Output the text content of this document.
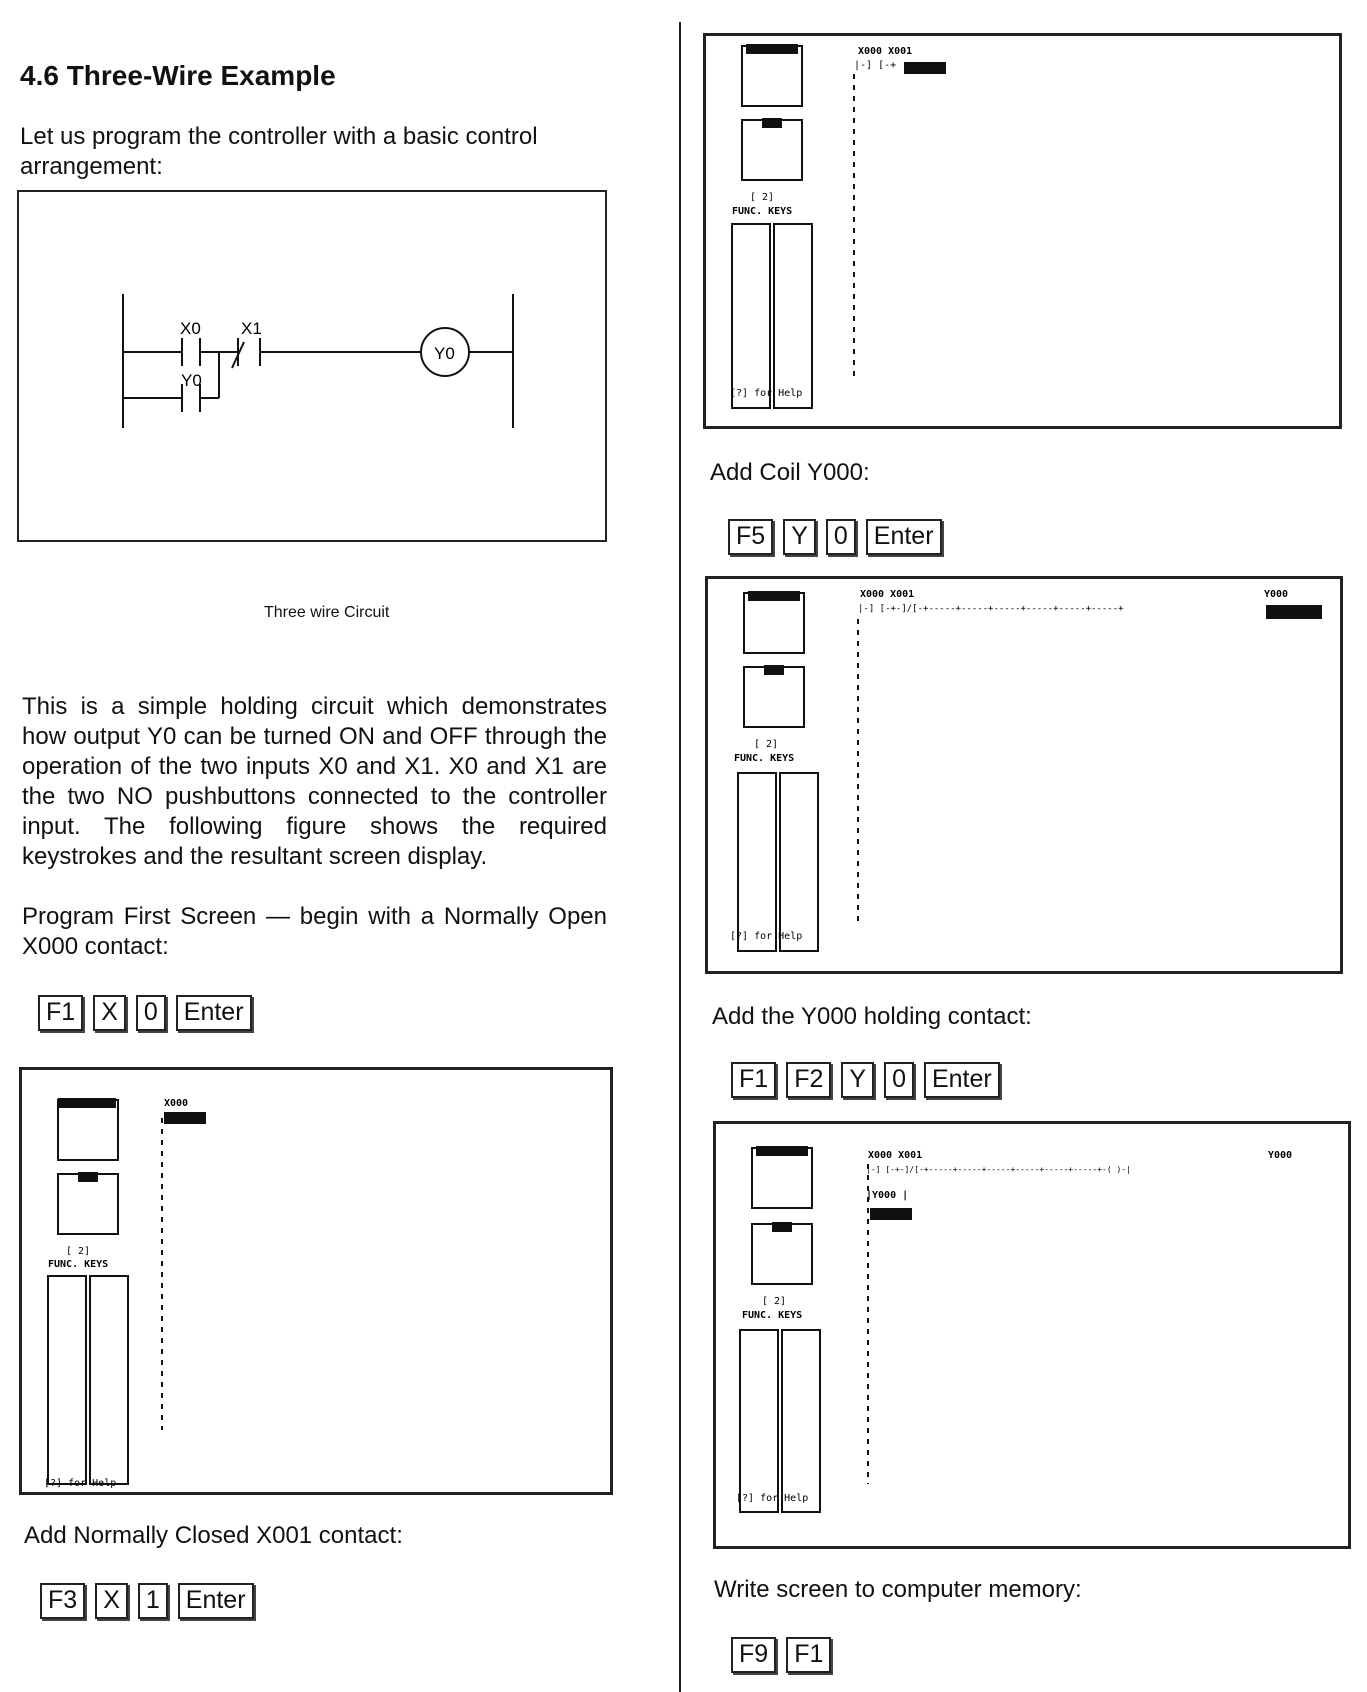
4.6 Three-Wire Example
Let us program the controller with a basic control arrangement:
X0 X1
Y0
Y0
Three wire Circuit
This is a simple holding circuit which demonstrates how output Y0 can be turned ON and OFF through the operation of the two inputs X0 and X1. X0 and X1 are the two NO pushbuttons connected to the controller input. The following figure shows the required keystrokes and the resultant screen display.
Program First Screen — begin with a Normally Open X000 contact:
F1	X	0	Enter
X000
[ 2]
FUNC. KEYS
[?] for Help
Add Normally Closed X001 contact:
F3	X	1	Enter
X000 X001
|-] [-+
[ 2]
FUNC. KEYS
[?] for Help
Add Coil Y000:
F5	Y	0	Enter
X000 X001	Y000
|-] [-+-]/[-+-----+-----+-----+-----+-----+-----+
[ 2]
FUNC. KEYS
[?] for Help
Add the Y000 holding contact:
F1	F2	Y	0	Enter
X000 X001	Y000
|-] [-+-]/[-+-----+-----+-----+-----+-----+-----+-( )-|
|Y000 |
[ 2]
FUNC. KEYS
[?] for Help
Write screen to computer memory:
F9	F1
